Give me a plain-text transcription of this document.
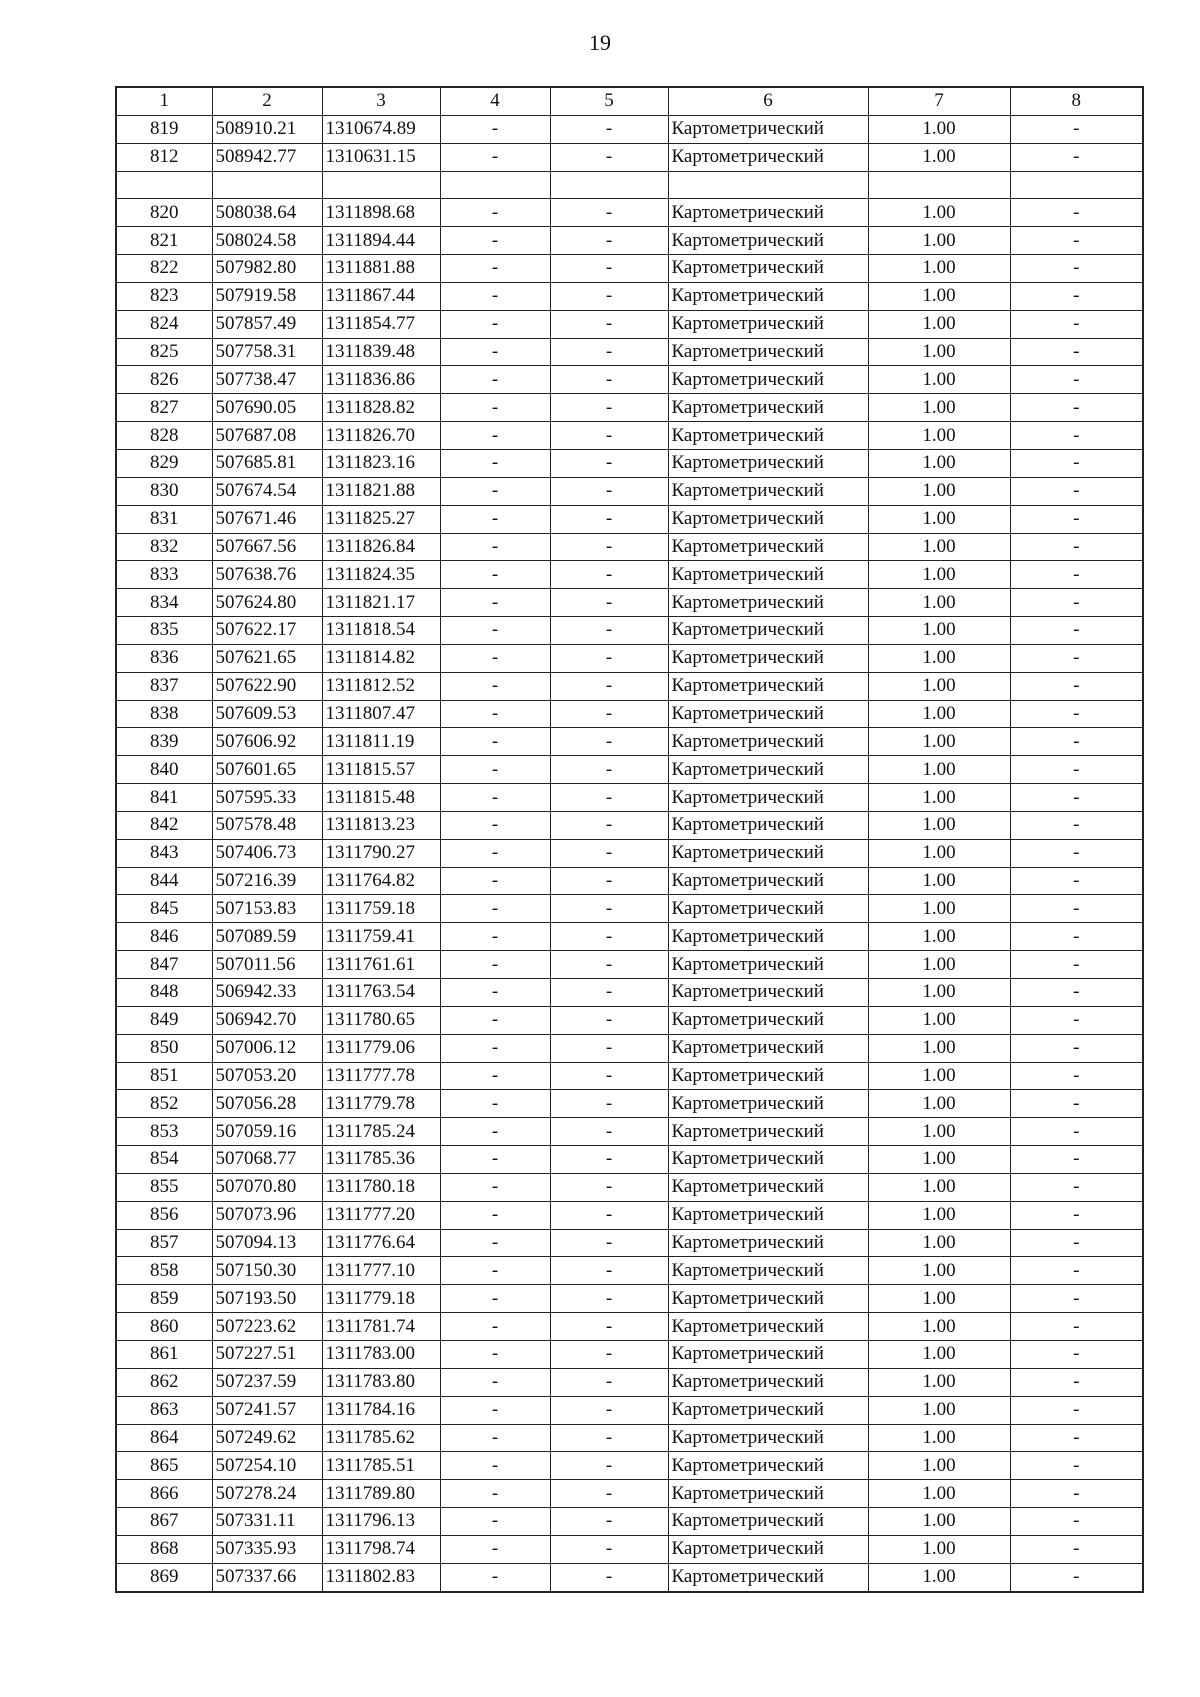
19
1	2	3	4	5	6	7	8
819	508910.21	1310674.89	-	-	Картометрический	1.00	-
812	508942.77	1310631.15	-	-	Картометрический	1.00	-

820	508038.64	1311898.68	-	-	Картометрический	1.00	-
821	508024.58	1311894.44	-	-	Картометрический	1.00	-
822	507982.80	1311881.88	-	-	Картометрический	1.00	-
823	507919.58	1311867.44	-	-	Картометрический	1.00	-
824	507857.49	1311854.77	-	-	Картометрический	1.00	-
825	507758.31	1311839.48	-	-	Картометрический	1.00	-
826	507738.47	1311836.86	-	-	Картометрический	1.00	-
827	507690.05	1311828.82	-	-	Картометрический	1.00	-
828	507687.08	1311826.70	-	-	Картометрический	1.00	-
829	507685.81	1311823.16	-	-	Картометрический	1.00	-
830	507674.54	1311821.88	-	-	Картометрический	1.00	-
831	507671.46	1311825.27	-	-	Картометрический	1.00	-
832	507667.56	1311826.84	-	-	Картометрический	1.00	-
833	507638.76	1311824.35	-	-	Картометрический	1.00	-
834	507624.80	1311821.17	-	-	Картометрический	1.00	-
835	507622.17	1311818.54	-	-	Картометрический	1.00	-
836	507621.65	1311814.82	-	-	Картометрический	1.00	-
837	507622.90	1311812.52	-	-	Картометрический	1.00	-
838	507609.53	1311807.47	-	-	Картометрический	1.00	-
839	507606.92	1311811.19	-	-	Картометрический	1.00	-
840	507601.65	1311815.57	-	-	Картометрический	1.00	-
841	507595.33	1311815.48	-	-	Картометрический	1.00	-
842	507578.48	1311813.23	-	-	Картометрический	1.00	-
843	507406.73	1311790.27	-	-	Картометрический	1.00	-
844	507216.39	1311764.82	-	-	Картометрический	1.00	-
845	507153.83	1311759.18	-	-	Картометрический	1.00	-
846	507089.59	1311759.41	-	-	Картометрический	1.00	-
847	507011.56	1311761.61	-	-	Картометрический	1.00	-
848	506942.33	1311763.54	-	-	Картометрический	1.00	-
849	506942.70	1311780.65	-	-	Картометрический	1.00	-
850	507006.12	1311779.06	-	-	Картометрический	1.00	-
851	507053.20	1311777.78	-	-	Картометрический	1.00	-
852	507056.28	1311779.78	-	-	Картометрический	1.00	-
853	507059.16	1311785.24	-	-	Картометрический	1.00	-
854	507068.77	1311785.36	-	-	Картометрический	1.00	-
855	507070.80	1311780.18	-	-	Картометрический	1.00	-
856	507073.96	1311777.20	-	-	Картометрический	1.00	-
857	507094.13	1311776.64	-	-	Картометрический	1.00	-
858	507150.30	1311777.10	-	-	Картометрический	1.00	-
859	507193.50	1311779.18	-	-	Картометрический	1.00	-
860	507223.62	1311781.74	-	-	Картометрический	1.00	-
861	507227.51	1311783.00	-	-	Картометрический	1.00	-
862	507237.59	1311783.80	-	-	Картометрический	1.00	-
863	507241.57	1311784.16	-	-	Картометрический	1.00	-
864	507249.62	1311785.62	-	-	Картометрический	1.00	-
865	507254.10	1311785.51	-	-	Картометрический	1.00	-
866	507278.24	1311789.80	-	-	Картометрический	1.00	-
867	507331.11	1311796.13	-	-	Картометрический	1.00	-
868	507335.93	1311798.74	-	-	Картометрический	1.00	-
869	507337.66	1311802.83	-	-	Картометрический	1.00	-
